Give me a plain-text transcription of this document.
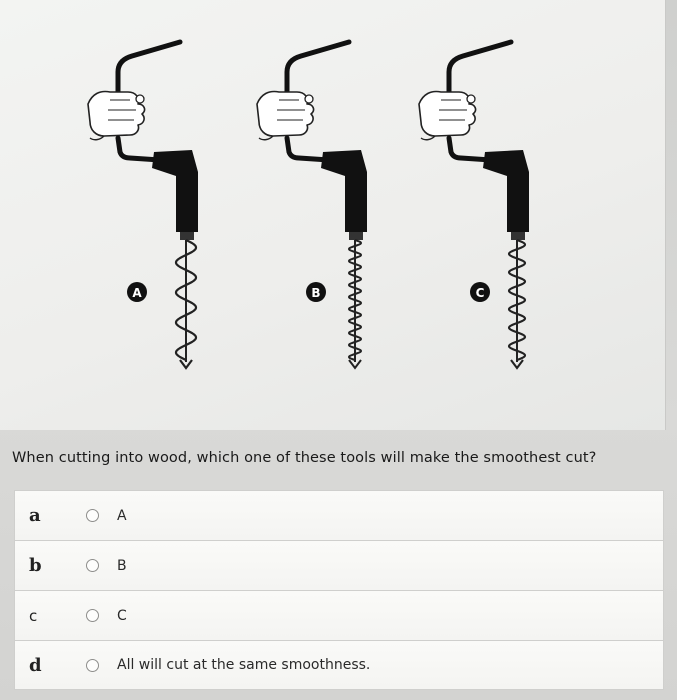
A	B	C
When cutting into wood, which one of these tools will make the smoothest cut?
a	A
b	B
c	C
d	All will cut at the same smoothness.
